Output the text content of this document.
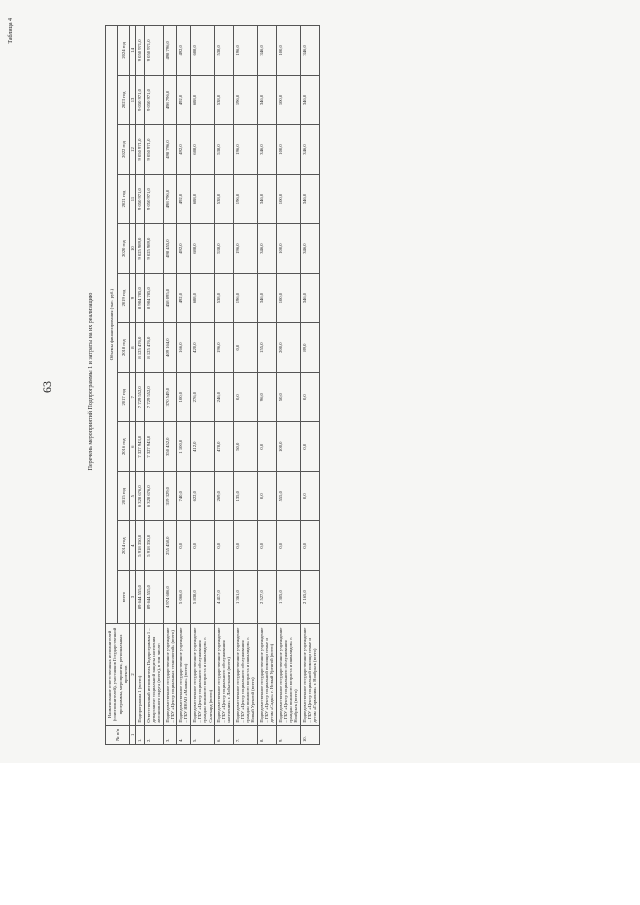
Таблица 4
63	Перечень мероприятий Подпрограммы 1 и затраты на их реализацию
№ п/п	Наименование ответственных исполнителей (соисполнителей), участников Государственной программы, мероприятия, региональных проектов	Объемы финансирования (тыс. руб.)											
		всего	2014 год	2015 год	2016 год	2017 год	2018 год	2019 год	2020 год	2021 год	2022 год	2023 год	2024 год
1	2	3	4	5	6	7	8	9	10	11	12	13	14
1.	Подпрограмма 1 (всего)	89 644 555,0	5 918 350,0	6 328 676,0	7 327 943,0	7 729 552,0	8 125 476,0	8 984 785,0	9 025 989,0	9 050 971,0	9 050 971,0	9 050 971,0	9 050 971,0
2.	Ответственный исполнитель Подпрограммы 1 – департамент социальной защиты населения автономного округа (всего), в том числе:	89 644 555,0	5 918 350,0	6 328 676,0	7 327 943,0	7 729 552,0	8 125 476,0	8 984 785,0	9 025 989,0	9 050 971,0	9 050 971,0	9 050 971,0	9 050 971,0
3.	Подведомственное государственное учреждение – ГБУ «Центр социальных технологий» (всего)	4 974 686,0	255 458,0	319 329,0	350 452,0	370 549,0	409 164,0	458 095,0	498 455,0	498 796,0	498 796,0	498 796,0	498 796,0
4.	Подведомственное государственное учреждение – ГБУ ЯНАО «Маяки» (всего)	5 066,0	0,0	740,0	1 100,0	100,0	166,0	492,0	492,0	492,0	492,0	492,0	492,0
5.	Подведомственное государственное учреждение – ГБУ «Центр социального обслуживания граждан пожилого возраста и инвалидов» г. Салехард (всего)	5 838,0	0,0	622,0	412,0	276,0	420,0	688,0	688,0	688,0	688,0	688,0	688,0
6.	Подведомственное государственное учреждение – ГБУ «Центр социального обслуживания населения» г. Лабытнанги (всего)	4 417,0	0,0	269,0	478,0	246,0	196,0	538,0	538,0	538,0	538,0	538,0	538,0
7.	Подведомственное государственное учреждение – ГБУ «Центр социального обслуживания граждан пожилого возраста и инвалидов» г. Новый Уренгой (всего)	1 361,0	0,0	135,0	50,0	0,0	0,0	196,0	196,0	196,0	196,0	196,0	196,0
8.	Подведомственное государственное учреждение – ГБУ «Центр социальной помощи семье и детям «Садко» г. Новый Уренгой (всего)	2 527,0	0,0	0,0	0,0	96,0	155,0	346,0	346,0	346,0	346,0	346,0	346,0
9.	Подведомственное государственное учреждение – ГБУ «Центр социального обслуживания граждан пожилого возраста и инвалидов» г. Ноябрьск (всего)	1 305,0	0,0	555,0	100,0	50,0	200,0	100,0	100,0	100,0	100,0	100,0	100,0
10.	Подведомственное государственное учреждение – ГБУ «Центр социальной помощи семье и детям «Гармония» г. Ноябрьск (всего)	2 165,0	0,0	0,0	0,0	0,0	89,0	346,0	346,0	346,0	346,0	346,0	346,0
